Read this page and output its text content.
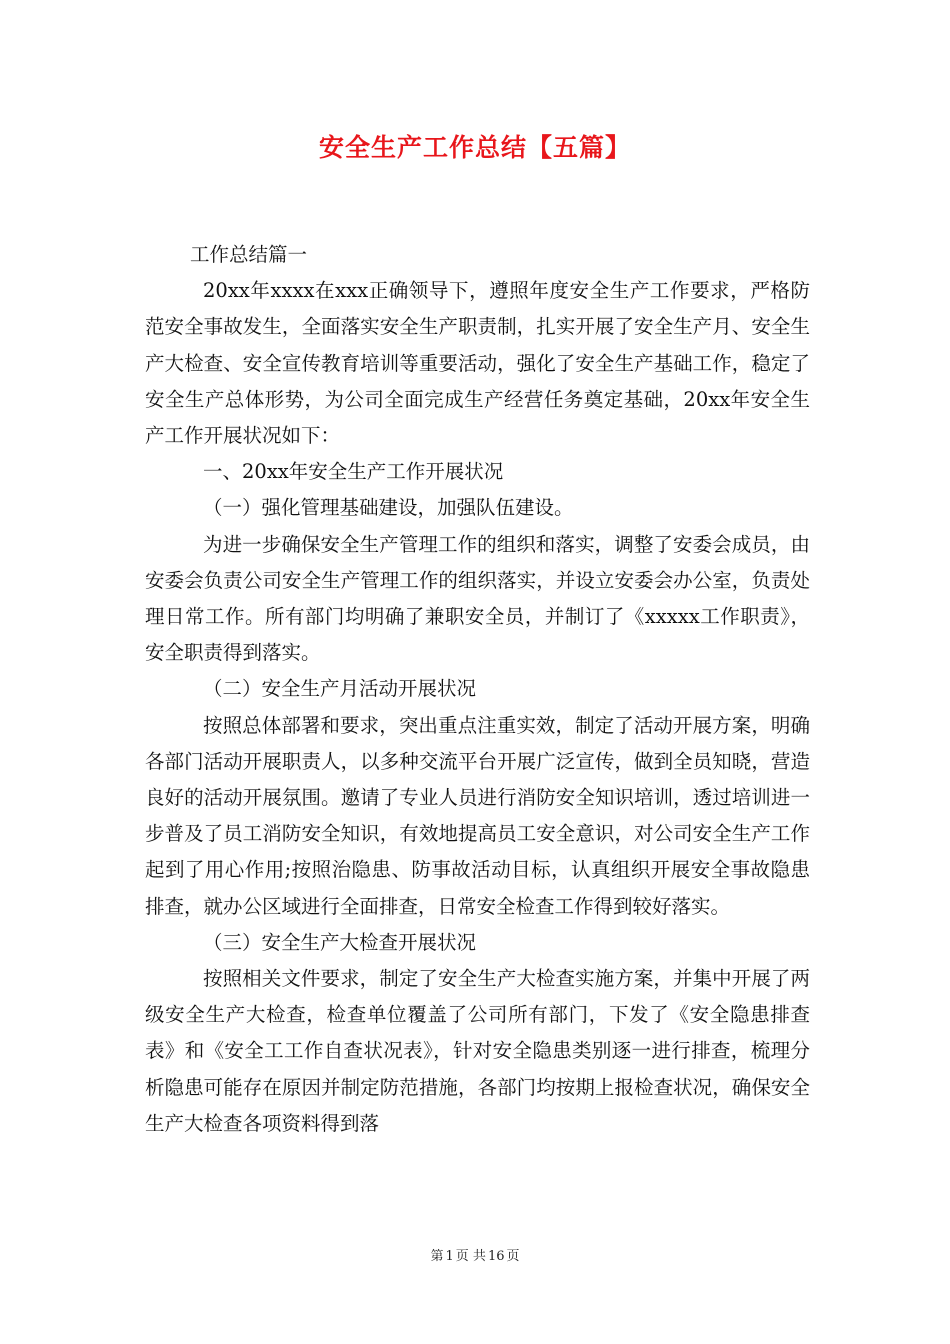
安全生产工作总结【五篇】

工作总结篇一

20xx年xxxx在xxx正确领导下，遵照年度安全生产工作要求，严格防范安全事故发生，全面落实安全生产职责制，扎实开展了安全生产月、安全生产大检查、安全宣传教育培训等重要活动，强化了安全生产基础工作，稳定了安全生产总体形势，为公司全面完成生产经营任务奠定基础，20xx年安全生产工作开展状况如下：

一、20xx年安全生产工作开展状况

（一）强化管理基础建设，加强队伍建设。

为进一步确保安全生产管理工作的组织和落实，调整了安委会成员，由安委会负责公司安全生产管理工作的组织落实，并设立安委会办公室，负责处理日常工作。所有部门均明确了兼职安全员，并制订了《xxxxx工作职责》，安全职责得到落实。

（二）安全生产月活动开展状况

按照总体部署和要求，突出重点注重实效，制定了活动开展方案，明确各部门活动开展职责人，以多种交流平台开展广泛宣传，做到全员知晓，营造良好的活动开展氛围。邀请了专业人员进行消防安全知识培训，透过培训进一步普及了员工消防安全知识，有效地提高员工安全意识，对公司安全生产工作起到了用心作用;按照治隐患、防事故活动目标，认真组织开展安全事故隐患排查，就办公区域进行全面排查，日常安全检查工作得到较好落实。

（三）安全生产大检查开展状况

按照相关文件要求，制定了安全生产大检查实施方案，并集中开展了两级安全生产大检查，检查单位覆盖了公司所有部门，下发了《安全隐患排查表》和《安全工工作自查状况表》，针对安全隐患类别逐一进行排查，梳理分析隐患可能存在原因并制定防范措施，各部门均按期上报检查状况，确保安全生产大检查各项资料得到落

第 1 页 共 16 页
